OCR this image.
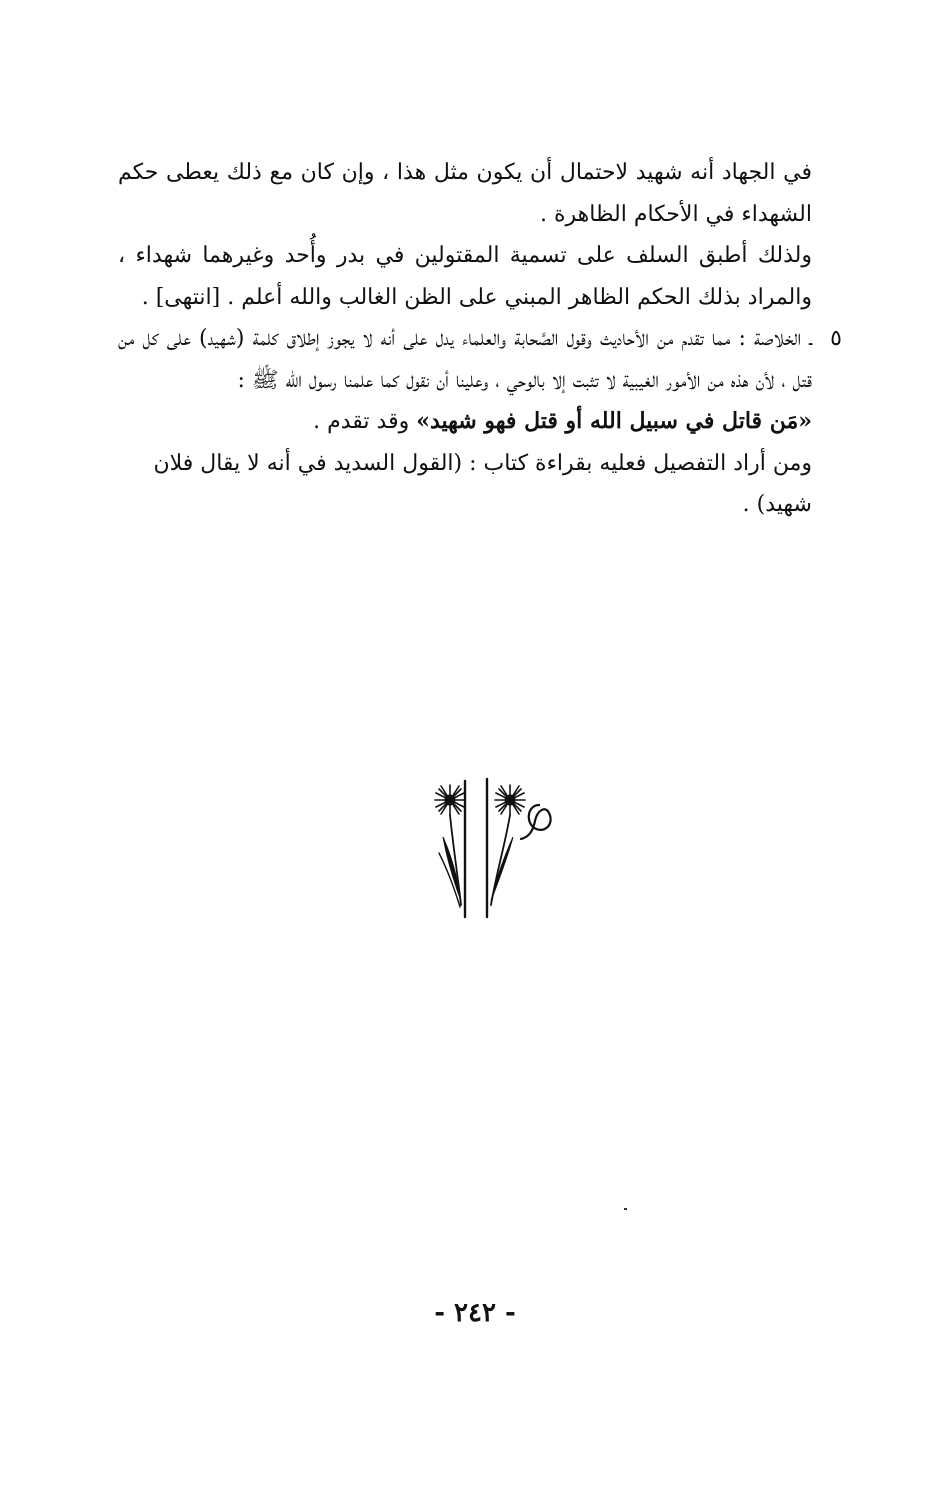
في الجهاد أنه شهيد لاحتمال أن يكون مثل هذا ، وإن كان مع ذلك يعطى حكم الشهداء في الأحكام الظاهرة .

ولذلك أطبق السلف على تسمية المقتولين في بدر وأُحد وغيرهما شهداء ، والمراد بذلك الحكم الظاهر المبني على الظن الغالب والله أعلم . [انتهى] .

٥
ـ الخلاصة : مما تقدم من الأحاديث وقول الصَّحابة والعلماء يدل على أنه لا يجوز إطلاق كلمة (شهيد) على كل من قتل ، لأن هذه من الأمور الغيبية لا تثبت إلا بالوحي ، وعلينا أن نقول كما علمنا رسول الله ﷺ :

«مَن قاتل في سبيل الله أو قتل فهو شهيد» وقد تقدم .

ومن أراد التفصيل فعليه بقراءة كتاب : (القول السديد في أنه لا يقال فلان شهيد) .

- ٢٤٢ -
